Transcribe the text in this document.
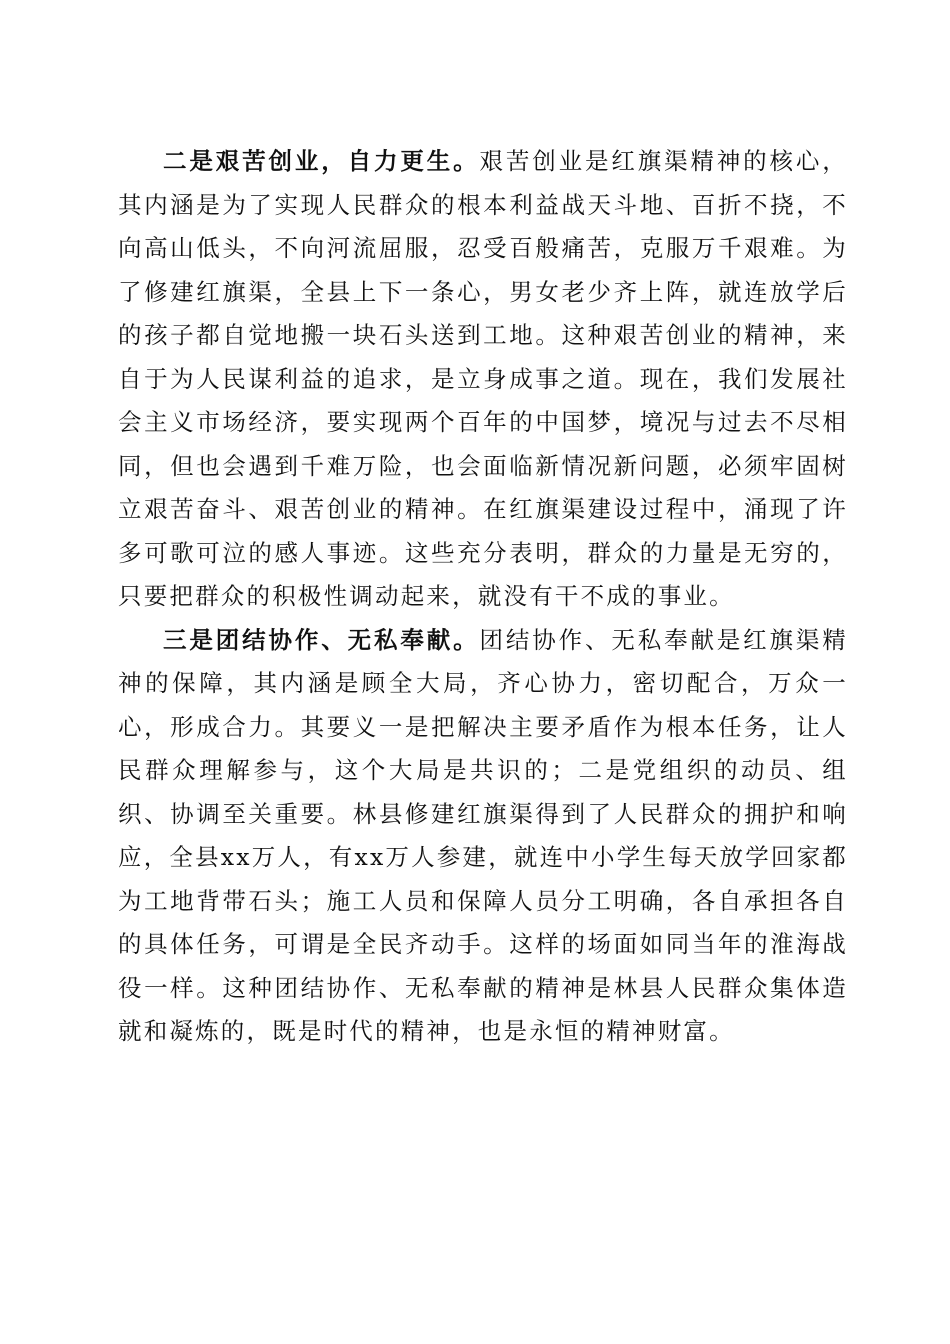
二是艰苦创业，自力更生。艰苦创业是红旗渠精神的核心，其内涵是为了实现人民群众的根本利益战天斗地、百折不挠，不向高山低头，不向河流屈服，忍受百般痛苦，克服万千艰难。为了修建红旗渠，全县上下一条心，男女老少齐上阵，就连放学后的孩子都自觉地搬一块石头送到工地。这种艰苦创业的精神，来自于为人民谋利益的追求，是立身成事之道。现在，我们发展社会主义市场经济，要实现两个百年的中国梦，境况与过去不尽相同，但也会遇到千难万险，也会面临新情况新问题，必须牢固树立艰苦奋斗、艰苦创业的精神。在红旗渠建设过程中，涌现了许多可歌可泣的感人事迹。这些充分表明，群众的力量是无穷的，只要把群众的积极性调动起来，就没有干不成的事业。

三是团结协作、无私奉献。团结协作、无私奉献是红旗渠精神的保障，其内涵是顾全大局，齐心协力，密切配合，万众一心，形成合力。其要义一是把解决主要矛盾作为根本任务，让人民群众理解参与，这个大局是共识的；二是党组织的动员、组织、协调至关重要。林县修建红旗渠得到了人民群众的拥护和响应，全县xx万人，有xx万人参建，就连中小学生每天放学回家都为工地背带石头；施工人员和保障人员分工明确，各自承担各自的具体任务，可谓是全民齐动手。这样的场面如同当年的淮海战役一样。这种团结协作、无私奉献的精神是林县人民群众集体造就和凝炼的，既是时代的精神，也是永恒的精神财富。
